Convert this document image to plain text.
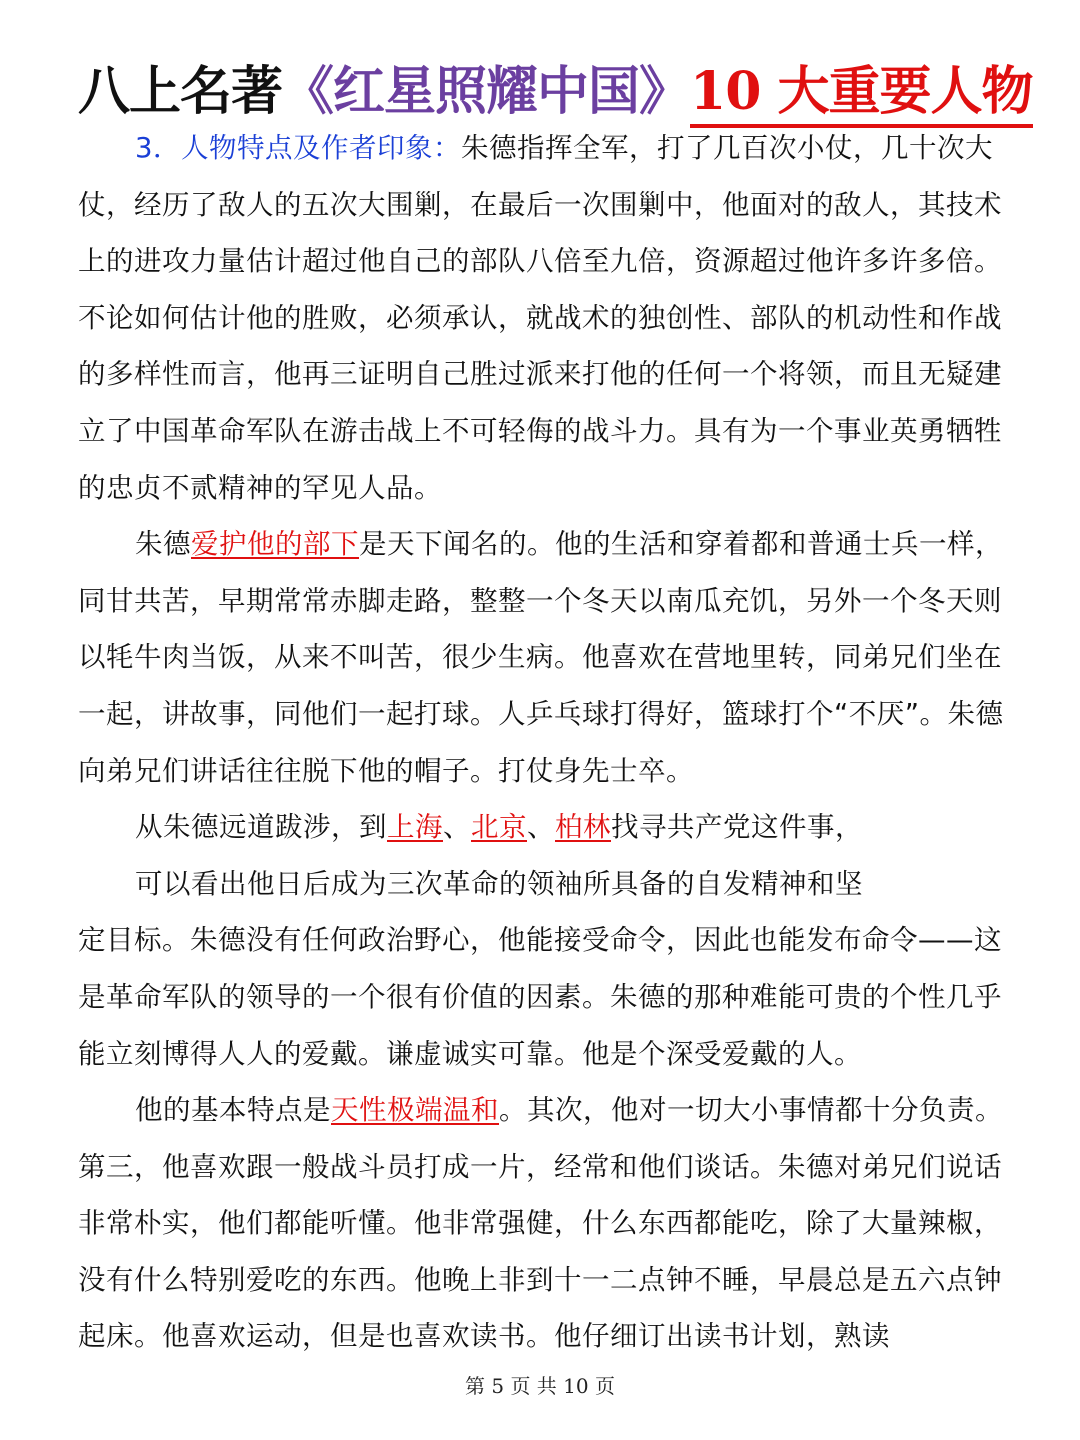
八上名著《红星照耀中国》10 大重要人物

3．人物特点及作者印象：朱德指挥全军，打了几百次小仗，几十次大仗，经历了敌人的五次大围剿，在最后一次围剿中，他面对的敌人，其技术上的进攻力量估计超过他自己的部队八倍至九倍，资源超过他许多许多倍。不论如何估计他的胜败，必须承认，就战术的独创性、部队的机动性和作战的多样性而言，他再三证明自己胜过派来打他的任何一个将领，而且无疑建立了中国革命军队在游击战上不可轻侮的战斗力。具有为一个事业英勇牺牲的忠贞不贰精神的罕见人品。

朱德爱护他的部下是天下闻名的。他的生活和穿着都和普通士兵一样，同甘共苦，早期常常赤脚走路，整整一个冬天以南瓜充饥，另外一个冬天则以牦牛肉当饭，从来不叫苦，很少生病。他喜欢在营地里转，同弟兄们坐在一起，讲故事，同他们一起打球。人乒乓球打得好，篮球打个“不厌”。朱德向弟兄们讲话往往脱下他的帽子。打仗身先士卒。

从朱德远道跋涉，到上海、北京、柏林找寻共产党这件事，

可以看出他日后成为三次革命的领袖所具备的自发精神和坚

定目标。朱德没有任何政治野心，他能接受命令，因此也能发布命令——这是革命军队的领导的一个很有价值的因素。朱德的那种难能可贵的个性几乎能立刻博得人人的爱戴。谦虚诚实可靠。他是个深受爱戴的人。

他的基本特点是天性极端温和。其次，他对一切大小事情都十分负责。第三，他喜欢跟一般战斗员打成一片，经常和他们谈话。朱德对弟兄们说话非常朴实，他们都能听懂。他非常强健，什么东西都能吃，除了大量辣椒，没有什么特别爱吃的东西。他晚上非到十一二点钟不睡，早晨总是五六点钟起床。他喜欢运动，但是也喜欢读书。他仔细订出读书计划，熟读

第 5 页 共 10 页
